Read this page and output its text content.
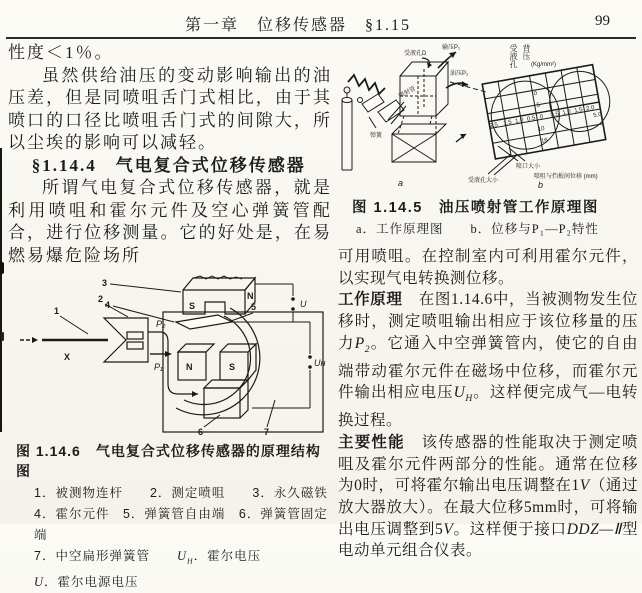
第一章　位移传感器　§1.15	99

性度＜1％。

虽然供给油压的变动影响输出的油压差，但是同喷咀舌门式相比，由于其喷口的口径比喷咀舌门式的间隙大，所以尘埃的影响可以减轻。

§1.14.4　气电复合式位移传感器

所谓气电复合式位移传感器，就是利用喷咀和霍尔元件及空心弹簧管配合，进行位移测量。它的好处是，在易燃易爆危险场所

S
N
3
4	5
N	S
X
1
2
P₂
P₁
U
Uʜ
6	7
图 1.14.6　气电复合式位移传感器的原理结构图
1．被测物连杆　　2．测定喷咀　　3．永久磁铁
4．霍尔元件　5．弹簧管自由端　6．弹簧管固定端
7．中空扁形弹簧管　　$U_H$．霍尔电压
U．霍尔电源电压
喷射管
弹簧
受液孔D
输压P₁
油压P₂
a
2.5 1.5 1.0 0.5 0 0.5 1.0 1.5 2.0
5.0
0
5
10
16
喷口大小
受液孔大小
喷咀与挡板间位移 (mm)
b
(Kg/mm²)
受液孔 背压
图 1.14.5　油压喷射管工作原理图
a．工作原理图　　b．位移与P₁—P₂特性

可用喷咀。在控制室内可利用霍尔元件，以实现气电转换测位移。

工作原理　在图1.14.6中，当被测物发生位移时，测定喷咀输出相应于该位移量的压力$P_2$。它通入中空弹簧管内，使它的自由端带动霍尔元件在磁场中位移，而霍尔元件输出相应电压$U_H$。这样便完成气—电转换过程。

主要性能　该传感器的性能取决于测定喷咀及霍尔元件两部分的性能。通常在位移为0时，可将霍尔输出电压调整在1V（通过放大器放大）。在最大位移5mm时，可将输出电压调整到5V。这样便于接口DDZ—Ⅱ型电动单元组合仪表。
